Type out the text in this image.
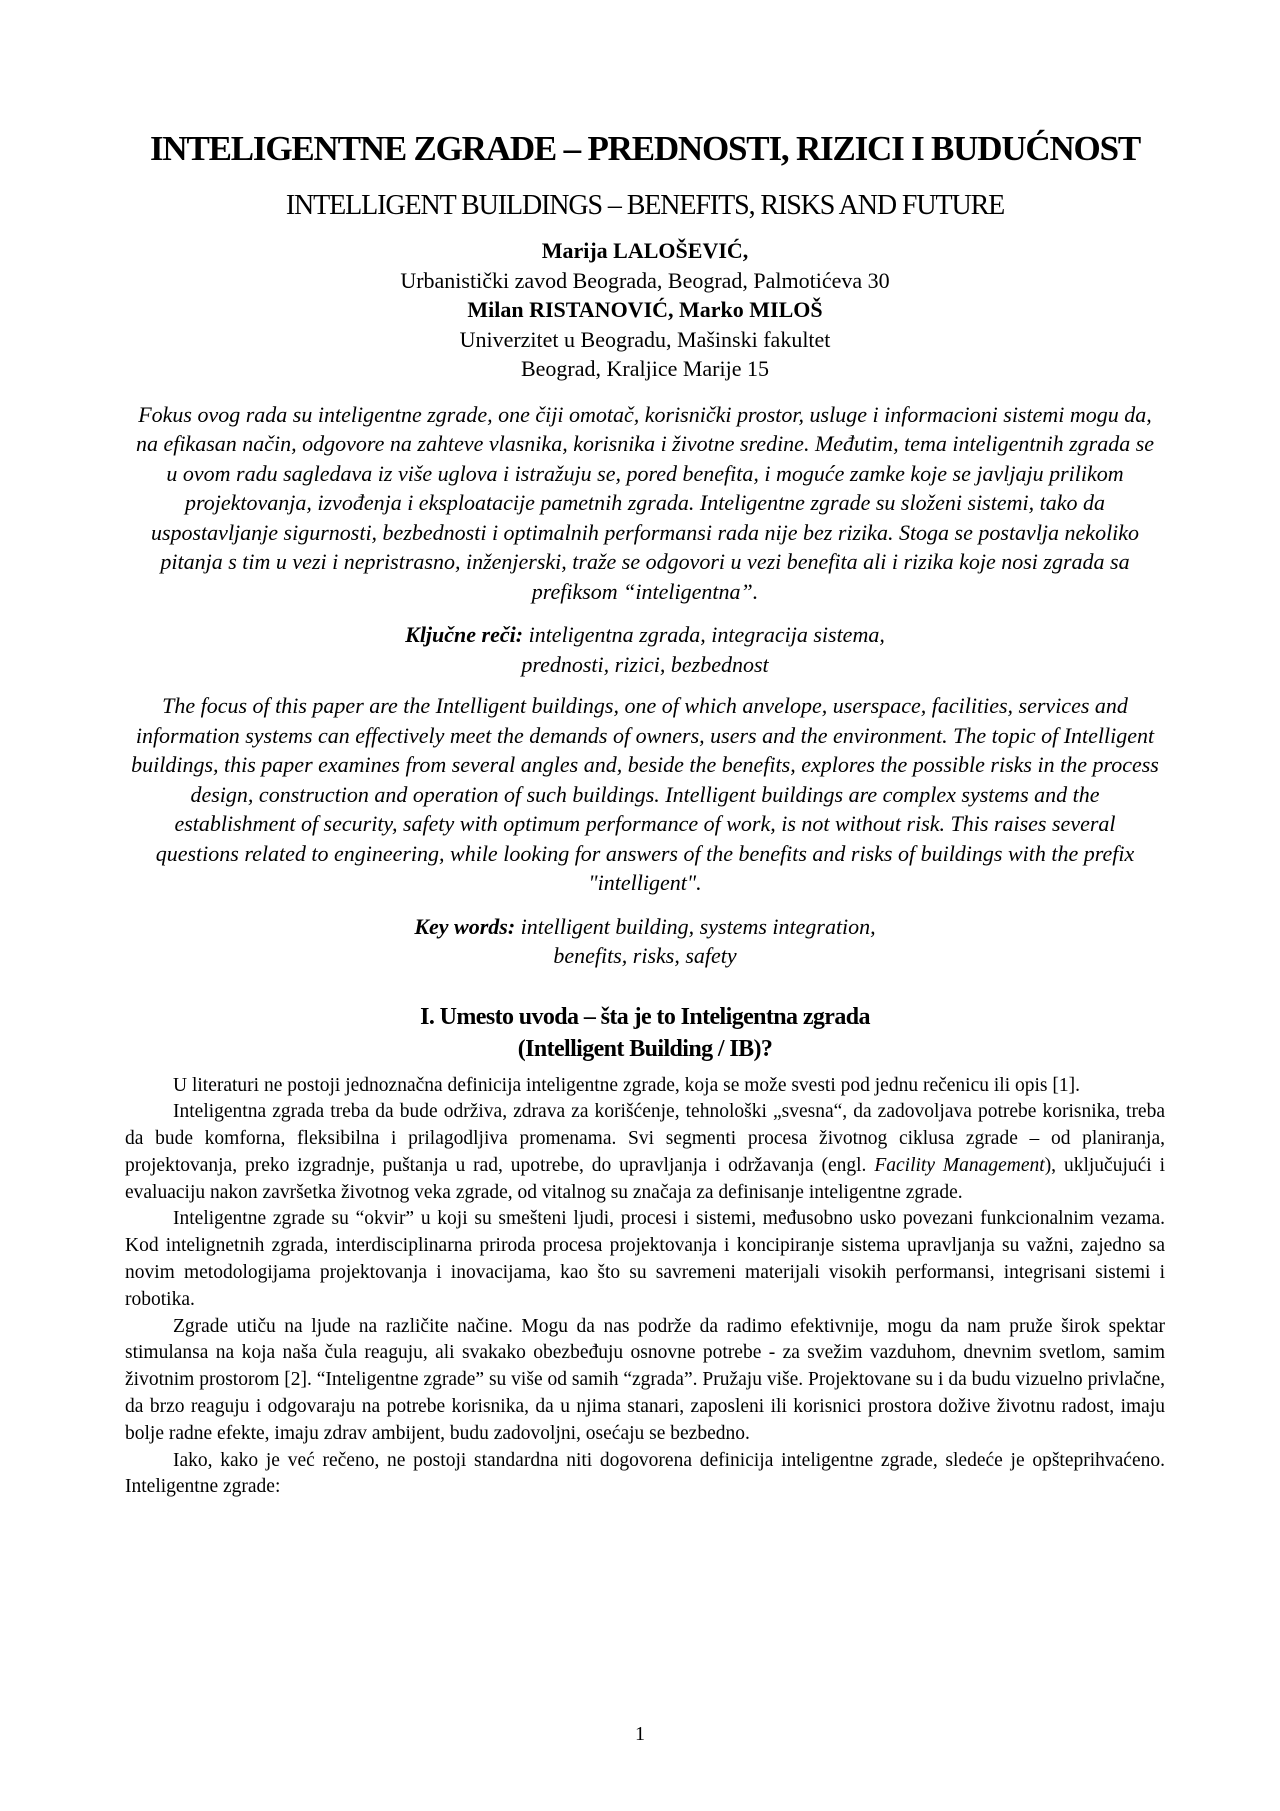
INTELIGENTNE ZGRADE – PREDNOSTI, RIZICI I BUDUĆNOST
INTELLIGENT BUILDINGS – BENEFITS, RISKS AND FUTURE
Marija LALOŠEVIĆ,
Urbanistički zavod Beograda, Beograd, Palmotićeva 30
Milan RISTANOVIĆ, Marko MILOŠ
Univerzitet u Beogradu, Mašinski fakultet
Beograd, Kraljice Marije 15
Fokus ovog rada su inteligentne zgrade, one čiji omotač, korisnički prostor, usluge i informacioni sistemi mogu da, na efikasan način, odgovore na zahteve vlasnika, korisnika i životne sredine. Međutim, tema inteligentnih zgrada se u ovom radu sagledava iz više uglova i istražuju se, pored benefita, i moguće zamke koje se javljaju prilikom projektovanja, izvođenja i eksploatacije pametnih zgrada. Inteligentne zgrade su složeni sistemi, tako da uspostavljanje sigurnosti, bezbednosti i optimalnih performansi rada nije bez rizika. Stoga se postavlja nekoliko pitanja s tim u vezi i nepristrasno, inženjerski, traže se odgovori u vezi benefita ali i rizika koje nosi zgrada sa prefiksom “inteligentna”.
Ključne reči: inteligentna zgrada, integracija sistema,
prednosti, rizici, bezbednost
The focus of this paper are the Intelligent buildings, one of which anvelope, userspace, facilities, services and information systems can effectively meet the demands of owners, users and the environment. The topic of Intelligent buildings, this paper examines from several angles and, beside the benefits, explores the possible risks in the process design, construction and operation of such buildings. Intelligent buildings are complex systems and the establishment of security, safety with optimum performance of work, is not without risk. This raises several questions related to engineering, while looking for answers of the benefits and risks of buildings with the prefix "intelligent".
Key words: intelligent building, systems integration,
benefits, risks, safety
I. Umesto uvoda – šta je to Inteligentna zgrada
(Intelligent Building / IB)?

U literaturi ne postoji jednoznačna definicija inteligentne zgrade, koja se može svesti pod jednu rečenicu ili opis [1].

Inteligentna zgrada treba da bude održiva, zdrava za korišćenje, tehnološki „svesna“, da zadovoljava potrebe korisnika, treba da bude komforna, fleksibilna i prilagodljiva promenama. Svi segmenti procesa životnog ciklusa zgrade – od planiranja, projektovanja, preko izgradnje, puštanja u rad, upotrebe, do upravljanja i održavanja (engl. Facility Management), uključujući i evaluaciju nakon završetka životnog veka zgrade, od vitalnog su značaja za definisanje inteligentne zgrade.

Inteligentne zgrade su “okvir” u koji su smešteni ljudi, procesi i sistemi, međusobno usko povezani funkcionalnim vezama. Kod intelignetnih zgrada, interdisciplinarna priroda procesa projektovanja i koncipiranje sistema upravljanja su važni, zajedno sa novim metodologijama projektovanja i inovacijama, kao što su savremeni materijali visokih performansi, integrisani sistemi i robotika.

Zgrade utiču na ljude na različite načine. Mogu da nas podrže da radimo efektivnije, mogu da nam pruže širok spektar stimulansa na koja naša čula reaguju, ali svakako obezbeđuju osnovne potrebe - za svežim vazduhom, dnevnim svetlom, samim životnim prostorom [2]. “Inteligentne zgrade” su više od samih “zgrada”. Pružaju više. Projektovane su i da budu vizuelno privlačne, da brzo reaguju i odgovaraju na potrebe korisnika, da u njima stanari, zaposleni ili korisnici prostora dožive životnu radost, imaju bolje radne efekte, imaju zdrav ambijent, budu zadovoljni, osećaju se bezbedno.

Iako, kako je već rečeno, ne postoji standardna niti dogovorena definicija inteligentne zgrade, sledeće je opšteprihvaćeno. Inteligentne zgrade:

1
